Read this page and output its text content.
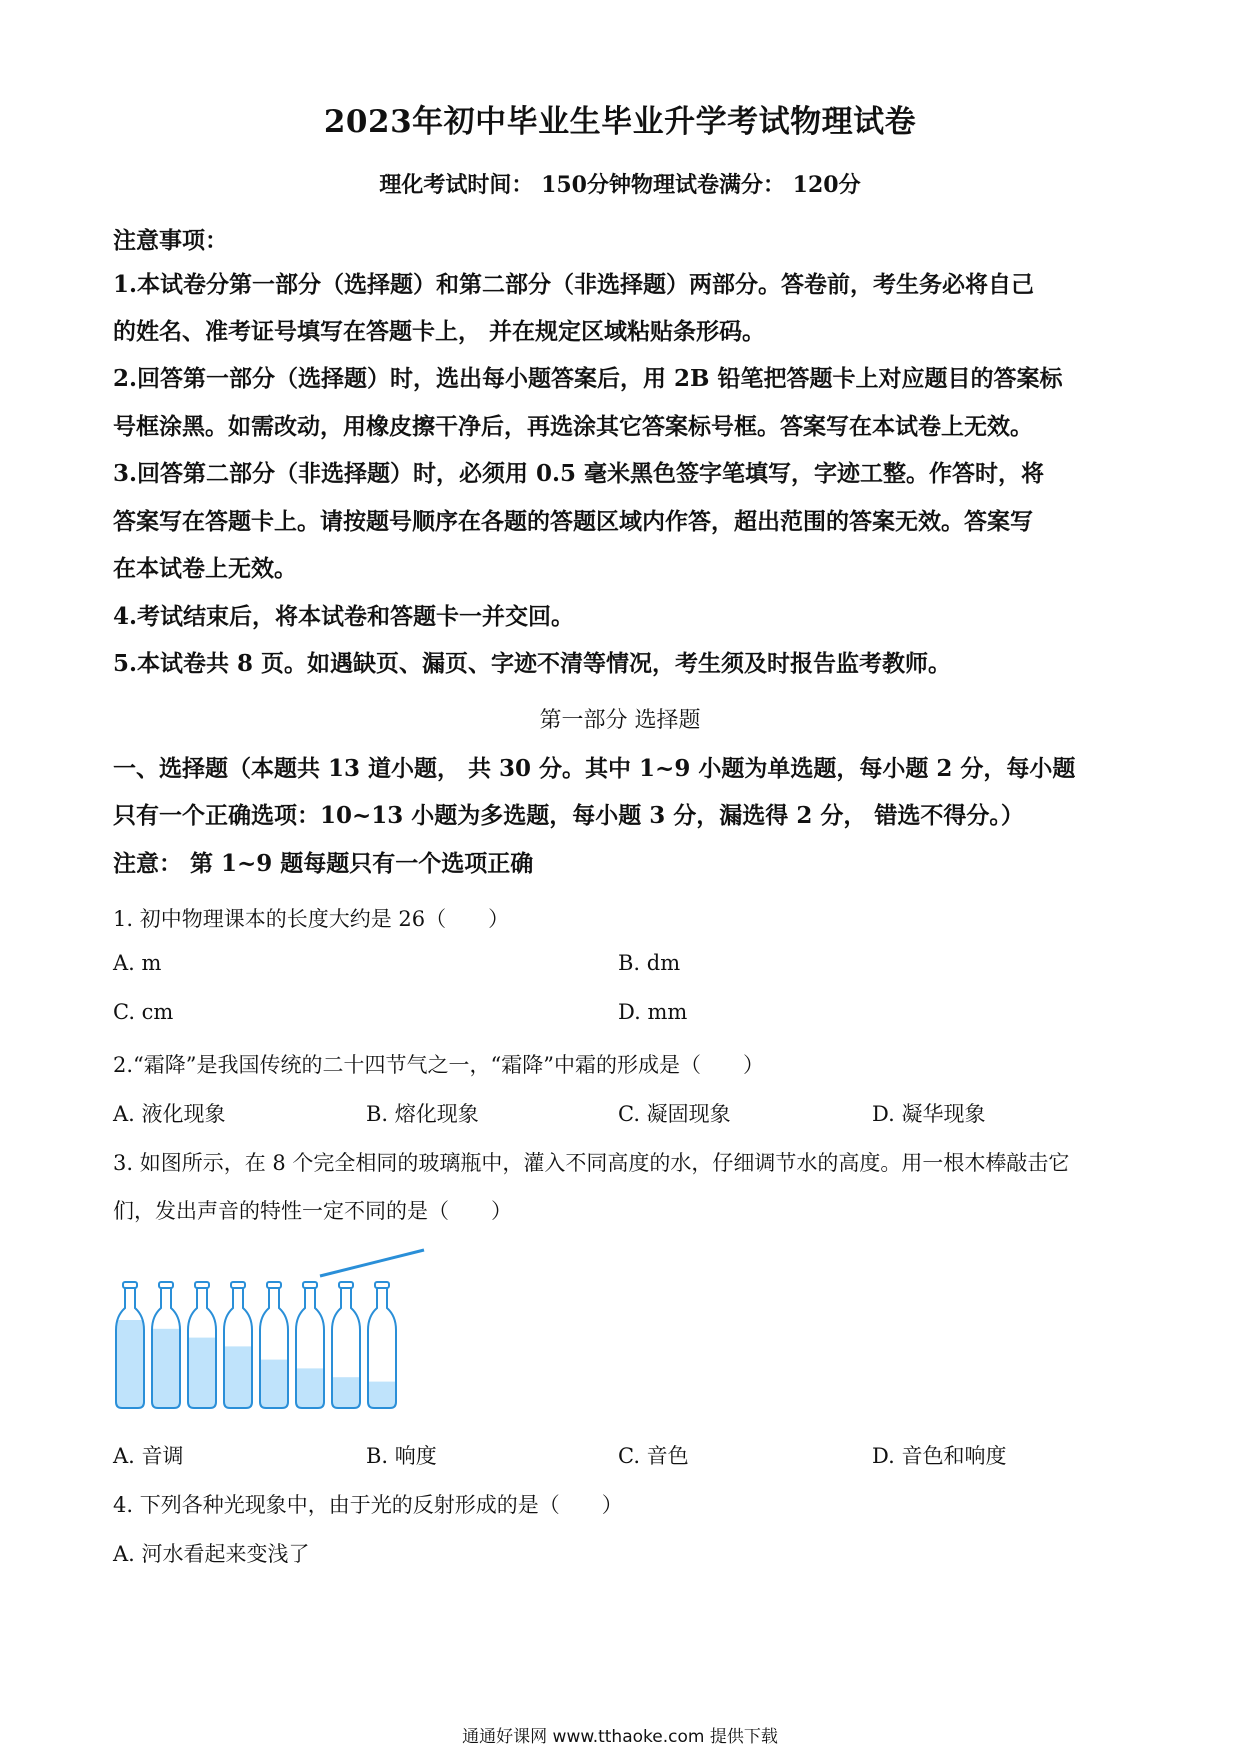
2023年初中毕业生毕业升学考试物理试卷
理化考试时间： 150分钟物理试卷满分： 120分
注意事项：
1.本试卷分第一部分（选择题）和第二部分（非选择题）两部分。答卷前，考生务必将自己
的姓名、准考证号填写在答题卡上， 并在规定区域粘贴条形码。
2.回答第一部分（选择题）时，选出每小题答案后，用 2B 铅笔把答题卡上对应题目的答案标
号框涂黑。如需改动，用橡皮擦干净后，再选涂其它答案标号框。答案写在本试卷上无效。
3.回答第二部分（非选择题）时，必须用 0.5 毫米黑色签字笔填写，字迹工整。作答时，将
答案写在答题卡上。请按题号顺序在各题的答题区域内作答，超出范围的答案无效。答案写
在本试卷上无效。
4.考试结束后，将本试卷和答题卡一并交回。
5.本试卷共 8 页。如遇缺页、漏页、字迹不清等情况，考生须及时报告监考教师。
第一部分 选择题
一、选择题（本题共 13 道小题， 共 30 分。其中 1~9 小题为单选题，每小题 2 分，每小题
只有一个正确选项：10~13 小题为多选题，每小题 3 分，漏选得 2 分， 错选不得分。）
注意： 第 1~9 题每题只有一个选项正确
1. 初中物理课本的长度大约是 26（　　）
A. m	B. dm
C. cm	D. mm
2.“霜降”是我国传统的二十四节气之一，“霜降”中霜的形成是（　　）
A. 液化现象	B. 熔化现象	C. 凝固现象	D. 凝华现象
3. 如图所示，在 8 个完全相同的玻璃瓶中，灌入不同高度的水，仔细调节水的高度。用一根木棒敲击它
们，发出声音的特性一定不同的是（　　）
A. 音调	B. 响度	C. 音色	D. 音色和响度
4. 下列各种光现象中，由于光的反射形成的是（　　）
A. 河水看起来变浅了
通通好课网 www.tthaoke.com 提供下载
